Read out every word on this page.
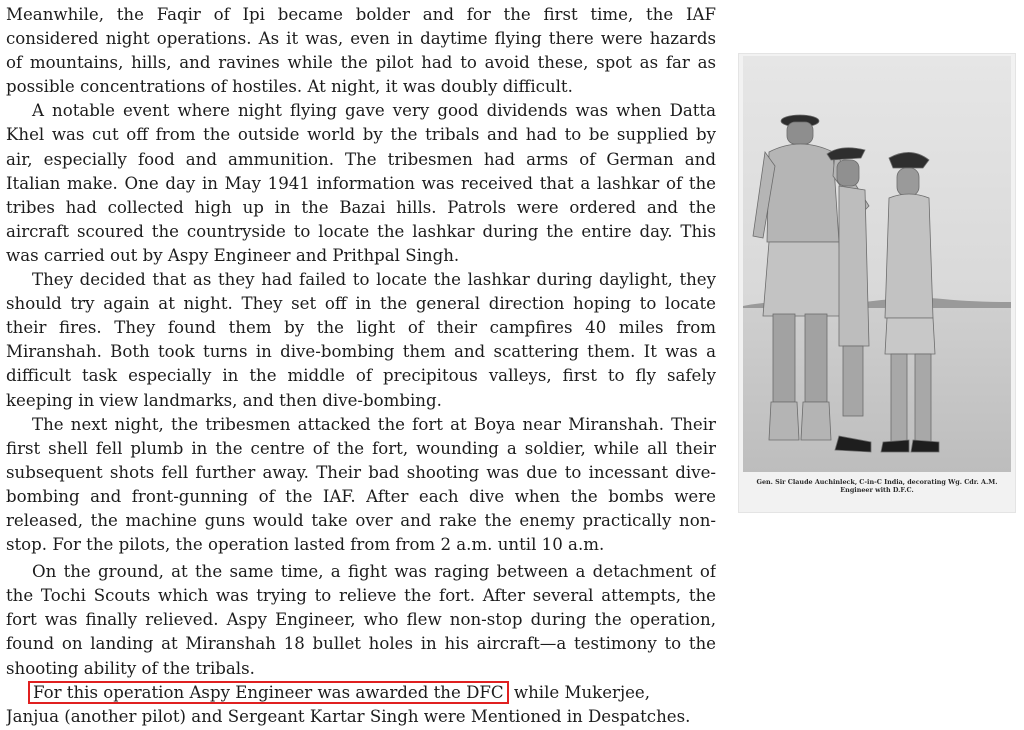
Meanwhile, the Faqir of Ipi became bolder and for the first time, the IAF
considered night operations. As it was, even in daytime flying there were hazards
of mountains, hills, and ravines while the pilot had to avoid these, spot as far as
possible concentrations of hostiles. At night, it was doubly difficult.
A notable event where night flying gave very good dividends was when Datta
Khel was cut off from the outside world by the tribals and had to be supplied by
air, especially food and ammunition. The tribesmen had arms of German and
Italian make. One day in May 1941 information was received that a lashkar of the
tribes had collected high up in the Bazai hills. Patrols were ordered and the
aircraft scoured the countryside to locate the lashkar during the entire day. This
was carried out by Aspy Engineer and Prithpal Singh.
They decided that as they had failed to locate the lashkar during daylight, they
should try again at night. They set off in the general direction hoping to locate
their fires. They found them by the light of their campfires 40 miles from
Miranshah. Both took turns in dive-bombing them and scattering them. It was a
difficult task especially in the middle of precipitous valleys, first to fly safely
keeping in view landmarks, and then dive-bombing.
The next night, the tribesmen attacked the fort at Boya near Miranshah. Their
first shell fell plumb in the centre of the fort, wounding a soldier, while all their
subsequent shots fell further away. Their bad shooting was due to incessant dive-
bombing and front-gunning of the IAF. After each dive when the bombs were
released, the machine guns would take over and rake the enemy practically non-
stop. For the pilots, the operation lasted from from 2 a.m. until 10 a.m.
On the ground, at the same time, a fight was raging between a detachment of
the Tochi Scouts which was trying to relieve the fort. After several attempts, the
fort was finally relieved. Aspy Engineer, who flew non-stop during the operation,
found on landing at Miranshah 18 bullet holes in his aircraft—a testimony to the
shooting ability of the tribals.
For this operation Aspy Engineer was awarded the DFC while Mukerjee,
Janjua (another pilot) and Sergeant Kartar Singh were Mentioned in Despatches.
Gen. Sir Claude Auchinleck, C-in-C India, decorating Wg. Cdr. A.M. Engineer with D.F.C.
